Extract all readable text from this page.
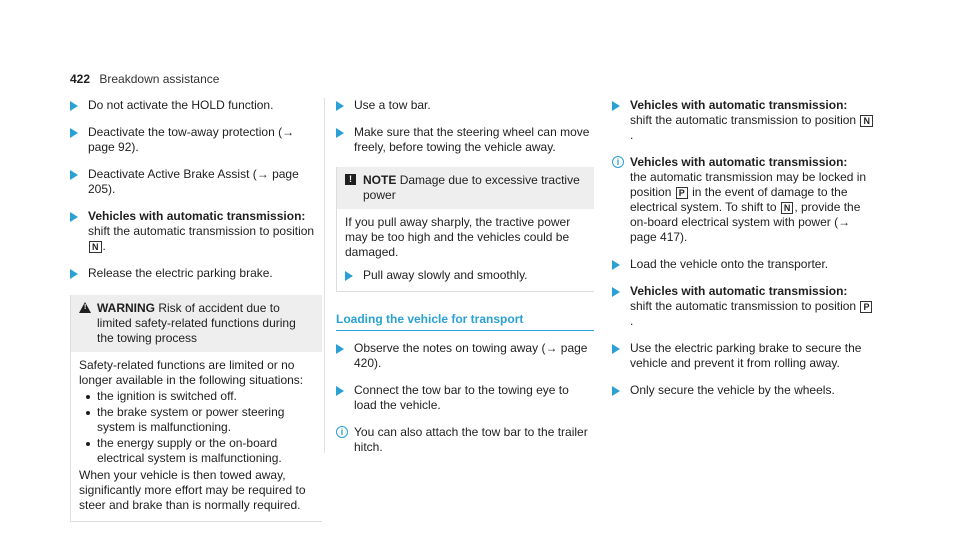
422 Breakdown assistance
Do not activate the HOLD function.
Deactivate the tow-away protection (→ page 92).
Deactivate Active Brake Assist (→ page 205).
Vehicles with automatic transmission:
shift the automatic transmission to position N .
Release the electric parking brake.
! WARNING Risk of accident due to limited safety-related functions during the towing process
Safety-related functions are limited or no longer available in the following situations:
the ignition is switched off.
the brake system or power steering system is malfunctioning.
the energy supply or the on-board electrical system is malfunctioning.
When your vehicle is then towed away, significantly more effort may be required to steer and brake than is normally required.
Use a tow bar.
Make sure that the steering wheel can move freely, before towing the vehicle away.
! NOTE Damage due to excessive tractive power
If you pull away sharply, the tractive power may be too high and the vehicles could be damaged.
Pull away slowly and smoothly.
Loading the vehicle for transport
Observe the notes on towing away (→ page 420).
Connect the tow bar to the towing eye to load the vehicle.
i You can also attach the tow bar to the trailer hitch.
Vehicles with automatic transmission:
shift the automatic transmission to position N.
i Vehicles with automatic transmission:
the automatic transmission may be locked in position P in the event of damage to the electrical system. To shift to N , provide the on-board electrical system with power (→ page 417).
Load the vehicle onto the transporter.
Vehicles with automatic transmission:
shift the automatic transmission to position P.
Use the electric parking brake to secure the vehicle and prevent it from rolling away.
Only secure the vehicle by the wheels.
